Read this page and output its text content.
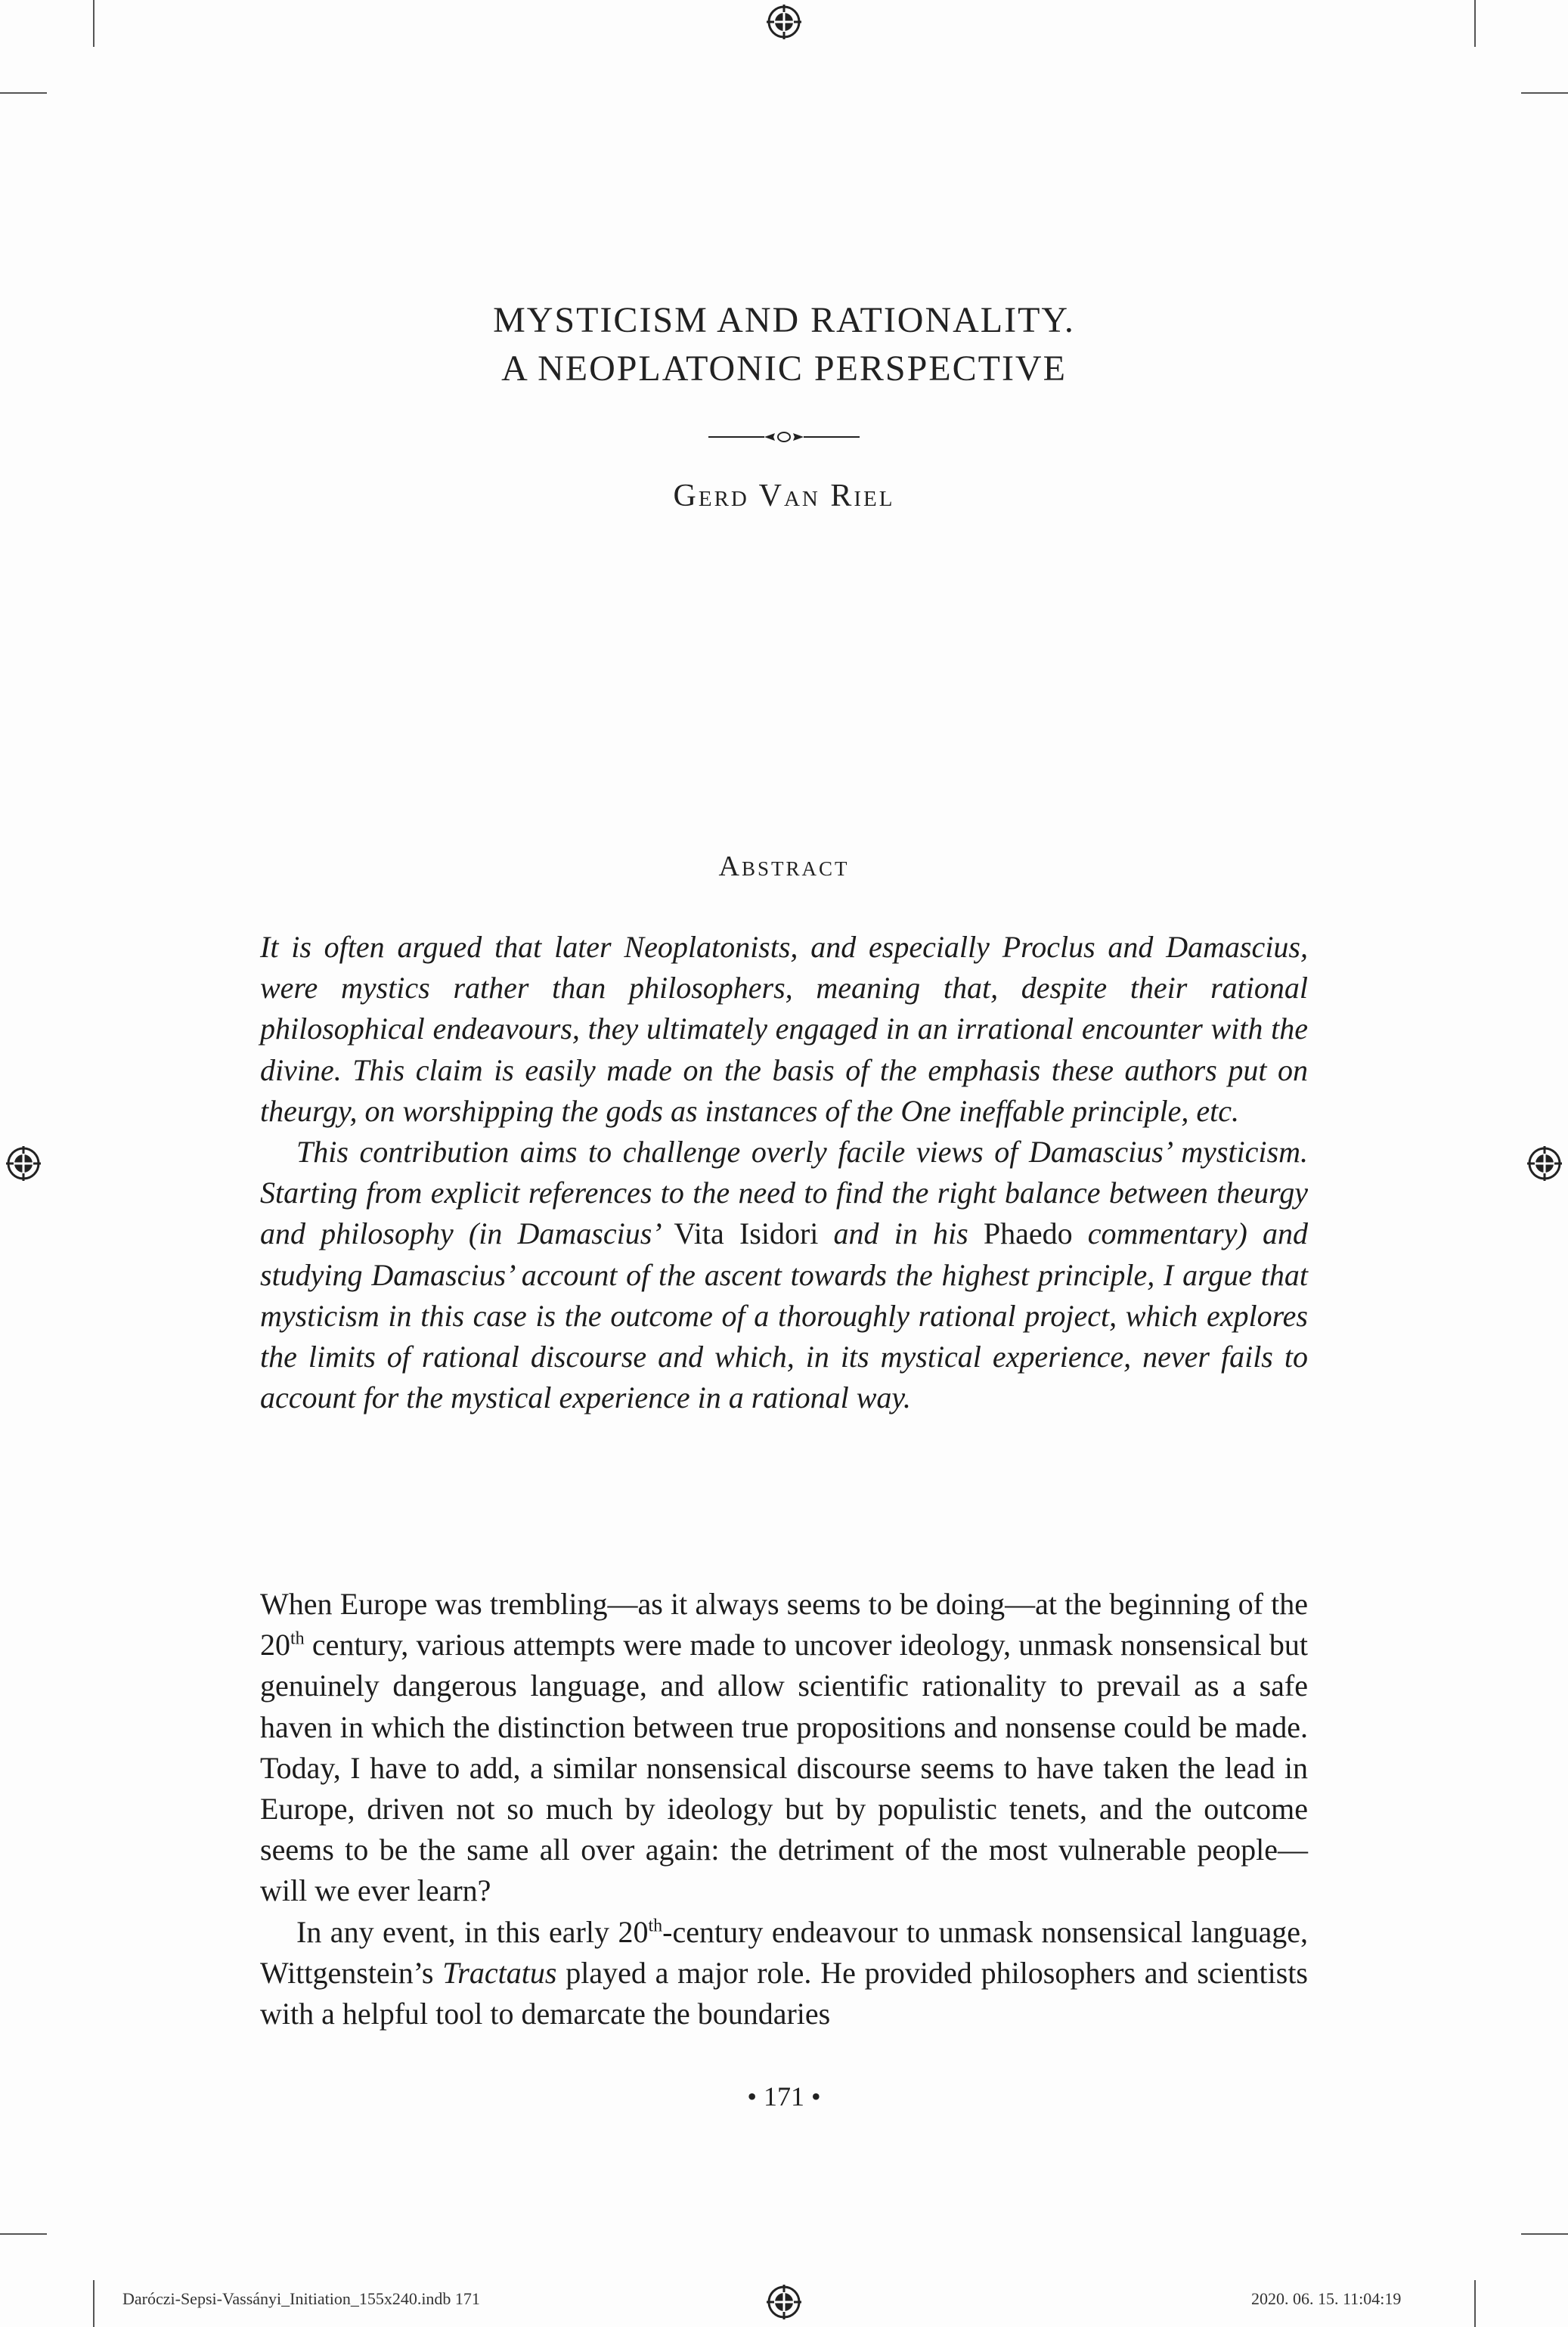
MYSTICISM AND RATIONALITY.
A NEOPLATONIC PERSPECTIVE
Gerd Van Riel
Abstract

It is often argued that later Neoplatonists, and especially Proclus and Damascius, were mystics rather than philosophers, meaning that, despite their rational philosophical endeavours, they ultimately engaged in an irrational encounter with the divine. This claim is easily made on the basis of the emphasis these authors put on theurgy, on worshipping the gods as instances of the One ineffable principle, etc.

This contribution aims to challenge overly facile views of Damascius’ mysticism. Starting from explicit references to the need to find the right balance between theurgy and philosophy (in Damascius’ Vita Isidori and in his Phaedo commentary) and studying Damascius’ account of the ascent towards the highest principle, I argue that mysticism in this case is the outcome of a thoroughly rational project, which explores the limits of rational discourse and which, in its mystical experience, never fails to account for the mystical experience in a rational way.

When Europe was trembling—as it always seems to be doing—at the beginning of the 20th century, various attempts were made to uncover ideology, unmask nonsensical but genuinely dangerous language, and allow scientific rationality to prevail as a safe haven in which the distinction between true propositions and nonsense could be made. Today, I have to add, a similar nonsensical discourse seems to have taken the lead in Europe, driven not so much by ideology but by populistic tenets, and the outcome seems to be the same all over again: the detriment of the most vulnerable people—will we ever learn?

In any event, in this early 20th-century endeavour to unmask nonsensical language, Wittgenstein’s Tractatus played a major role. He provided philosophers and scientists with a helpful tool to demarcate the boundaries

• 171 •
Daróczi-Sepsi-Vassányi_Initiation_155x240.indb 171	2020. 06. 15. 11:04:19
